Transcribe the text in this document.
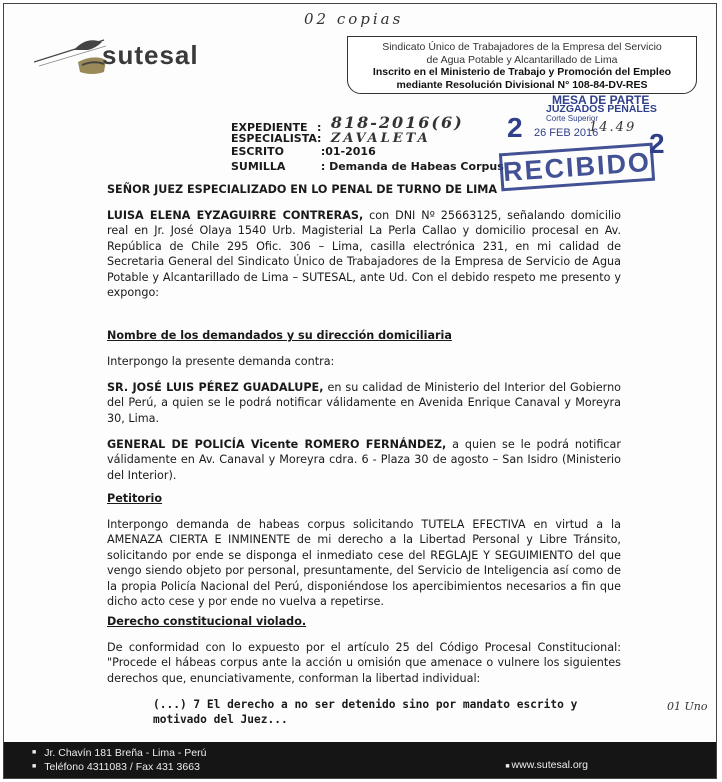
02 copias
sutesal	Sindicato Único de Trabajadores de la Empresa del Servicio
de Agua Potable y Alcantarillado de Lima
Inscrito en el Ministerio de Trabajo y Promoción del Empleo
mediante Resolución Divisional N° 108-84-DV-RES
EXPEDIENTE : 818-2016(6)
ESPECIALISTA: ZAVALETA
ESCRITO	:01-2016
SUMILLA	: Demanda de Habeas Corpus
MESA DE PARTE
JUZGADOS PENALES
Corte Superior
2 26 FEB 2016
14.49
2
RECIBIDO
SEÑOR JUEZ ESPECIALIZADO EN LO PENAL DE TURNO DE LIMA
LUISA ELENA EYZAGUIRRE CONTRERAS, con DNI Nº 25663125, señalando domicilio real en Jr. José Olaya 1540 Urb. Magisterial La Perla Callao y domicilio procesal en Av. República de Chile 295 Ofic. 306 – Lima, casilla electrónica 231, en mi calidad de Secretaria General del Sindicato Único de Trabajadores de la Empresa de Servicio de Agua Potable y Alcantarillado de Lima – SUTESAL, ante Ud. Con el debido respeto me presento y expongo:
Nombre de los demandados y su dirección domiciliaria
Interpongo la presente demanda contra:
SR. JOSÉ LUIS PÉREZ GUADALUPE, en su calidad de Ministerio del Interior del Gobierno del Perú, a quien se le podrá notificar válidamente en Avenida Enrique Canaval y Moreyra 30, Lima.
GENERAL DE POLICÍA Vicente ROMERO FERNÁNDEZ, a quien se le podrá notificar válidamente en Av. Canaval y Moreyra cdra. 6 - Plaza 30 de agosto – San Isidro (Ministerio del Interior).
Petitorio
Interpongo demanda de habeas corpus solicitando TUTELA EFECTIVA en virtud a la AMENAZA CIERTA E INMINENTE de mi derecho a la Libertad Personal y Libre Tránsito, solicitando por ende se disponga el inmediato cese del REGLAJE Y SEGUIMIENTO del que vengo siendo objeto por personal, presuntamente, del Servicio de Inteligencia así como de la propia Policía Nacional del Perú, disponiéndose los apercibimientos necesarios a fin que dicho acto cese y por ende no vuelva a repetirse.
Derecho constitucional violado.
De conformidad con lo expuesto por el artículo 25 del Código Procesal Constitucional: "Procede el hábeas corpus ante la acción u omisión que amenace o vulnere los siguientes derechos que, enunciativamente, conforman la libertad individual:
(...) 7 El derecho a no ser detenido sino por mandato escrito y motivado del Juez...
01 Uno
■ Jr. Chavín 181 Breña - Lima - Perú
■ Teléfono 4311083 / Fax 431 3663
■	www.sutesal.org
